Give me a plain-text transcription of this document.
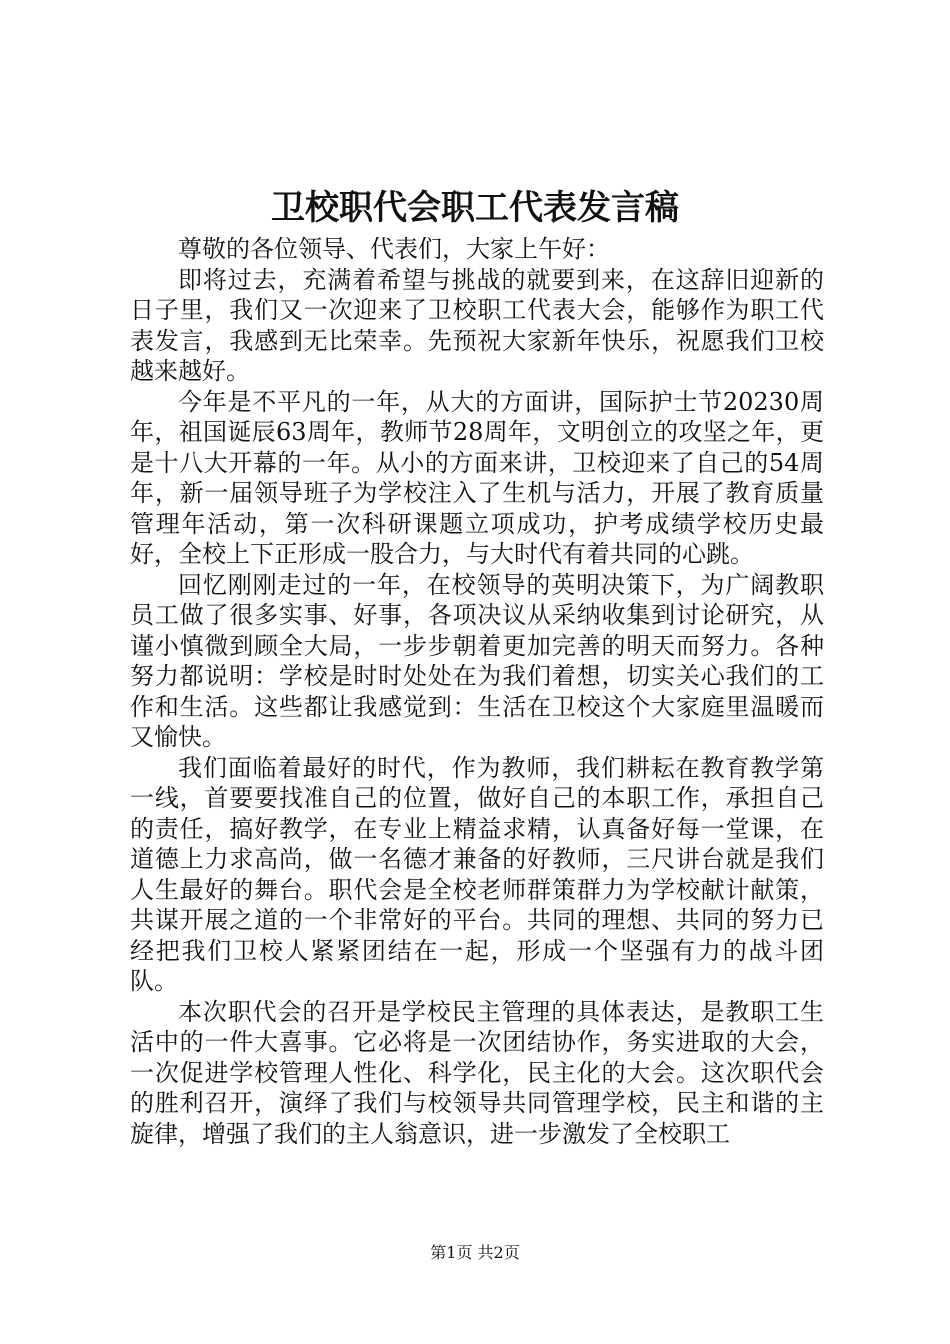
卫校职代会职工代表发言稿

尊敬的各位领导、代表们，大家上午好：

即将过去，充满着希望与挑战的就要到来，在这辞旧迎新的日子里，我们又一次迎来了卫校职工代表大会，能够作为职工代表发言，我感到无比荣幸。先预祝大家新年快乐，祝愿我们卫校越来越好。

今年是不平凡的一年，从大的方面讲，国际护士节20230周年，祖国诞辰63周年，教师节28周年，文明创立的攻坚之年，更是十八大开幕的一年。从小的方面来讲，卫校迎来了自己的54周年，新一届领导班子为学校注入了生机与活力，开展了教育质量管理年活动，第一次科研课题立项成功，护考成绩学校历史最好，全校上下正形成一股合力，与大时代有着共同的心跳。

回忆刚刚走过的一年，在校领导的英明决策下，为广阔教职员工做了很多实事、好事，各项决议从采纳收集到讨论研究，从谨小慎微到顾全大局，一步步朝着更加完善的明天而努力。各种努力都说明：学校是时时处处在为我们着想，切实关心我们的工作和生活。这些都让我感觉到：生活在卫校这个大家庭里温暖而又愉快。

我们面临着最好的时代，作为教师，我们耕耘在教育教学第一线，首要要找准自己的位置，做好自己的本职工作，承担自己的责任，搞好教学，在专业上精益求精，认真备好每一堂课，在道德上力求高尚，做一名德才兼备的好教师，三尺讲台就是我们人生最好的舞台。职代会是全校老师群策群力为学校献计献策，共谋开展之道的一个非常好的平台。共同的理想、共同的努力已经把我们卫校人紧紧团结在一起，形成一个坚强有力的战斗团队。

本次职代会的召开是学校民主管理的具体表达，是教职工生活中的一件大喜事。它必将是一次团结协作，务实进取的大会，一次促进学校管理人性化、科学化，民主化的大会。这次职代会的胜利召开，演绎了我们与校领导共同管理学校，民主和谐的主旋律，增强了我们的主人翁意识，进一步激发了全校职工

第1页 共2页
